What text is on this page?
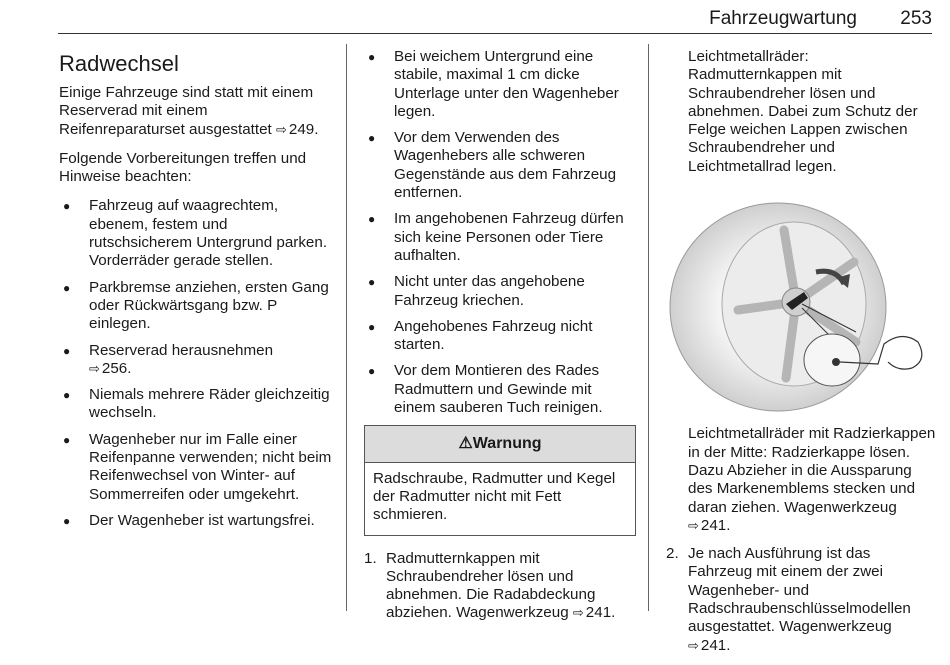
Fahrzeugwartung 253
Radwechsel

Einige Fahrzeuge sind statt mit einem Reserverad mit einem Reifenreparaturset ausgestattet ⇨ 249.

Folgende Vorbereitungen treffen und Hinweise beachten:

● Fahrzeug auf waagrechtem, ebenem, festem und rutschsicherem Untergrund parken. Vorderräder gerade stellen.
● Parkbremse anziehen, ersten Gang oder Rückwärtsgang bzw. P einlegen.
● Reserverad herausnehmen
⇨ 256.
● Niemals mehrere Räder gleichzeitig wechseln.
● Wagenheber nur im Falle einer Reifenpanne verwenden; nicht beim Reifenwechsel von Winter- auf Sommerreifen oder umgekehrt.
● Der Wagenheber ist wartungsfrei.
● Bei weichem Untergrund eine stabile, maximal 1 cm dicke Unterlage unter den Wagenheber legen.
● Vor dem Verwenden des Wagenhebers alle schweren Gegenstände aus dem Fahrzeug entfernen.
● Im angehobenen Fahrzeug dürfen sich keine Personen oder Tiere aufhalten.
● Nicht unter das angehobene Fahrzeug kriechen.
● Angehobenes Fahrzeug nicht starten.
● Vor dem Montieren des Rades Radmuttern und Gewinde mit einem sauberen Tuch reinigen.
⚠Warnung
Radschraube, Radmutter und Kegel der Radmutter nicht mit Fett schmieren.
1. Radmutternkappen mit Schraubendreher lösen und abnehmen. Die Radabdeckung abziehen. Wagenwerkzeug ⇨ 241.

Leichtmetallräder: Radmutternkappen mit Schraubendreher lösen und abnehmen. Dabei zum Schutz der Felge weichen Lappen zwischen Schraubendreher und Leichtmetallrad legen.

Leichtmetallräder mit Radzierkappen in der Mitte: Radzierkappe lösen. Dazu Abzieher in die Aussparung des Markenemblems stecken und daran ziehen. Wagenwerkzeug ⇨ 241.

2. Je nach Ausführung ist das Fahrzeug mit einem der zwei Wagenheber- und Radschraubenschlüsselmodellen ausgestattet. Wagenwerkzeug ⇨ 241.
